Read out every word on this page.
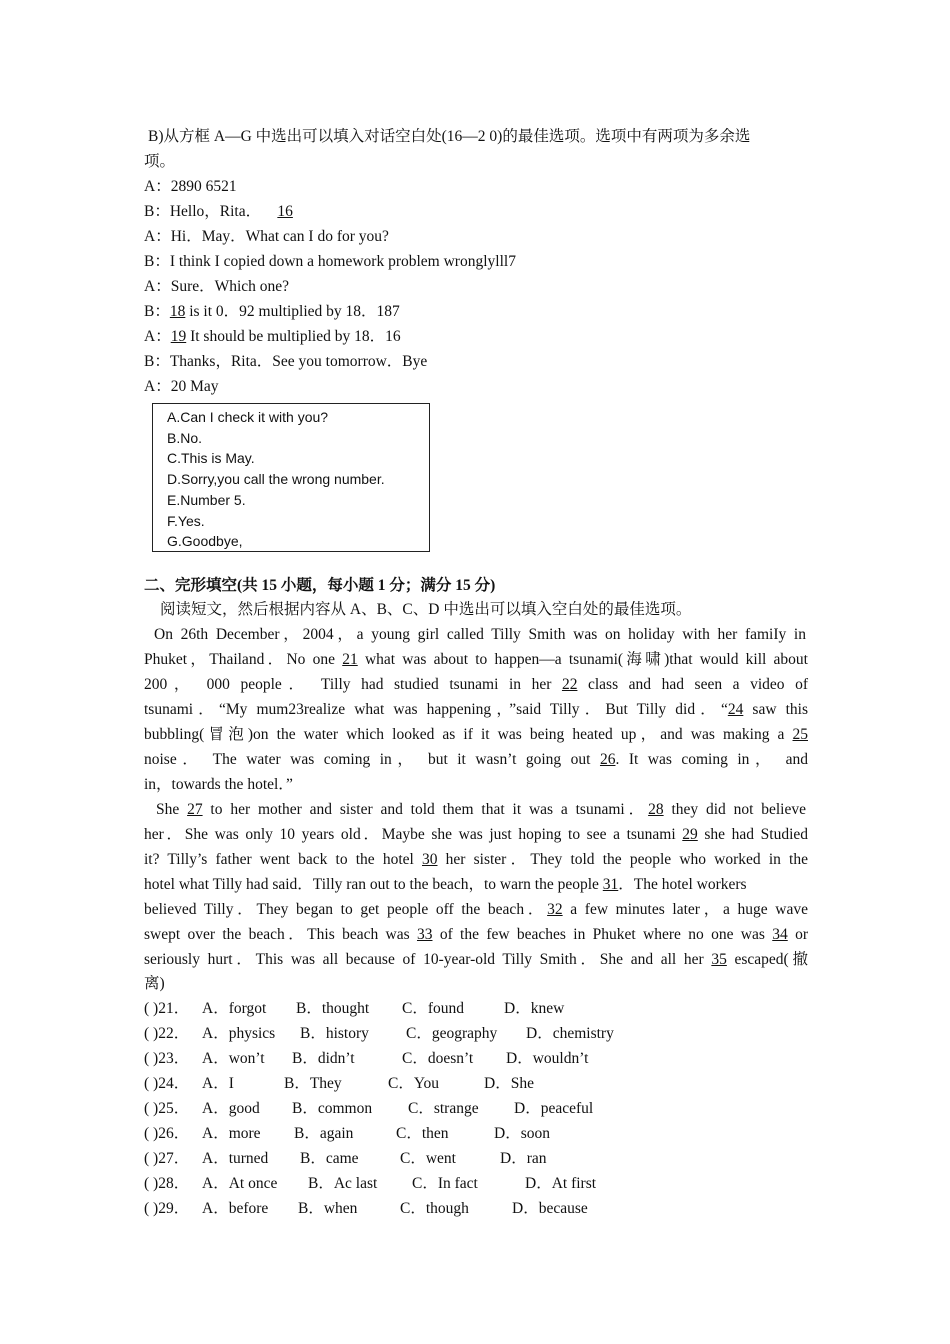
B)从方框 A—G 中选出可以填入对话空白处(16—2 0)的最佳选项。选项中有两项为多余选
项。
A：2890 6521
B：Hello，Rita． 16
A：Hi．May．What can I do for you?
B：I think I copied down a homework problem wronglylll7
A：Sure．Which one?
B：18 is it 0．92 multiplied by 18．187
A：19 It should be multiplied by 18．16
B：Thanks，Rita．See you tomorrow．Bye
A：20 May
A.Can I check it with you?
B.No.
C.This is May.
D.Sorry,you call the wrong number.
E.Number 5.
F.Yes.
G.Goodbye,
二、完形填空(共 15 小题，每小题 1 分；满分 15 分)
阅读短文，然后根据内容从 A、B、C、D 中选出可以填入空白处的最佳选项。
On 26th December，2004，a young girl called Tilly Smith was on holiday with her famiIy in
Phuket，Thailand．No one 21 what was about to happen—a tsunami(海啸)that would kill about
200， 000 people． Tilly had studied tsunami in her 22 class and had seen a video of
tsunami．“My mum23realize what was happening，”said Tilly．But Tilly did．“24 saw this
bubbling(冒泡)on the water which looked as if it was being heated up，and was making a 25
noise． The water was coming in， but it wasn’t going out 26. It was coming in， and
in，towards the hotel．”
She 27 to her mother and sister and told them that it was a tsunami．28 they did not believe
her．She was only 10 years old．Maybe she was just hoping to see a tsunami 29 she had Studied
it? Tilly’s father went back to the hotel 30 her sister．They told the people who worked in the
hotel what Tilly had said．Tilly ran out to the beach，to warn the people 31．The hotel workers
believed Tilly．They began to get people off the beach．32 a few minutes later，a huge wave
swept over the beach．This beach was 33 of the few beaches in Phuket where no one was 34 or
seriously hurt．This was all because of 10-year-old Tilly Smith．She and all her 35 escaped(撤
离)
( )21． A．forgot B．thought C．found	D．knew
( )22． A．physics B．history C．geography D．chemistry
( )23． A．won’t B．didn’t	C．doesn’t D．wouldn’t
( )24． A．I	B．They	C．You	D．She
( )25． A．good B．common C．strange D．peaceful
( )26． A．more B．again	C．then	D．soon
( )27． A．turned B．came	C．went	D．ran
( )28． A．At once B．Ac last C．In fact	D．At first
( )29． A．before B．when	C．though	D．because
